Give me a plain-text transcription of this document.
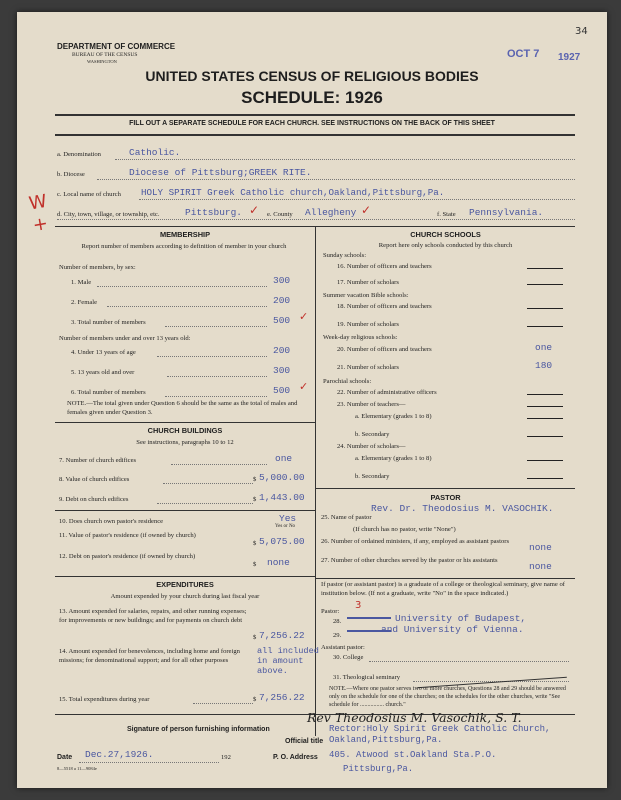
DEPARTMENT OF COMMERCE
BUREAU OF THE CENSUS
WASHINGTON
UNITED STATES CENSUS OF RELIGIOUS BODIES
SCHEDULE: 1926
OCT 7 1927
34
FILL OUT A SEPARATE SCHEDULE FOR EACH CHURCH. SEE INSTRUCTIONS ON THE BACK OF THIS SHEET
a. Denomination	Catholic.
b. Diocese	Diocese of Pittsburg;GREEK RITE.
c. Local name of church HOLY SPIRIT Greek Catholic church,Oakland,Pittsburg,Pa.
d. City, town, village, or township, etc.	Pittsburg. ✓ e. County Allegheny ✓	f. State Pennsylvania.
W
+	MEMBERSHIP
Report number of members according to definition of member in your church
Number of members, by sex:
1. Male	300
2. Female	200
3. Total number of members	500 ✓
Number of members under and over 13 years old:
4. Under 13 years of age	200
5. 13 years old and over	300
6. Total number of members	500 ✓
NOTE.—The total given under Question 6 should be the same as the total of males and females given under Question 3.
CHURCH BUILDINGS
See instructions, paragraphs 10 to 12
7. Number of church edifices	one
8. Value of church edifices	$ 5,000.00
9. Debt on church edifices	$ 1,443.00
10. Does church own pastor's residence	Yes
Yes or No
11. Value of pastor's residence (if owned by church)
$ 5,075.00
12. Debt on pastor's residence (if owned by church)
$ none
EXPENDITURES
Amount expended by your church during last fiscal year
13. Amount expended for salaries, repairs, and other running expenses; for improvements or new buildings; and for payments on church debt
$ 7,256.22
14. Amount expended for benevolences, including home and foreign missions; for denominational support; and for all other purposes
all included in amount above.
15. Total expenditures during year	$ 7,256.22
CHURCH SCHOOLS
Report here only schools conducted by this church
Sunday schools:
16. Number of officers and teachers
17. Number of scholars
Summer vacation Bible schools:
18. Number of officers and teachers
19. Number of scholars
Week-day religious schools:
20. Number of officers and teachers	one
21. Number of scholars	180
Parochial schools:
22. Number of administrative officers
23. Number of teachers—
a. Elementary (grades 1 to 8)
b. Secondary
24. Number of scholars—
a. Elementary (grades 1 to 8)
b. Secondary
PASTOR
Rev. Dr. Theodosius M. VASOCHIK.
25. Name of pastor
(If church has no pastor, write "None")
26. Number of ordained ministers, if any, employed as assistant pastors
none
27. Number of other churches served by the pastor or his assistants
none
If pastor (or assistant pastor) is a graduate of a college or theological seminary, give name of institution below. (If not a graduate, write "No" in the space indicated.)
Pastor:
3
28.	University of Budapest,
29.
and University of Vienna.
Assistant pastor:
30. College
31. Theological seminary
NOTE.—Where one pastor serves two or more churches, Questions 28 and 29 should be answered only on the schedule for one of the churches; on the schedules for the other churches, write "See schedule for ................ church."
Rev Theodosius M. Vasochik, S. T.
Signature of person furnishing information	Rector:Holy Spirit Greek Catholic Church,
Official title Oakland,Pittsburg,Pa.
Date Dec.27,1926.	192	P. O. Address 405. Atwood st.Oakland Sta.P.O.
Pittsburg,Pa.
8—5518 a 11—9084e
